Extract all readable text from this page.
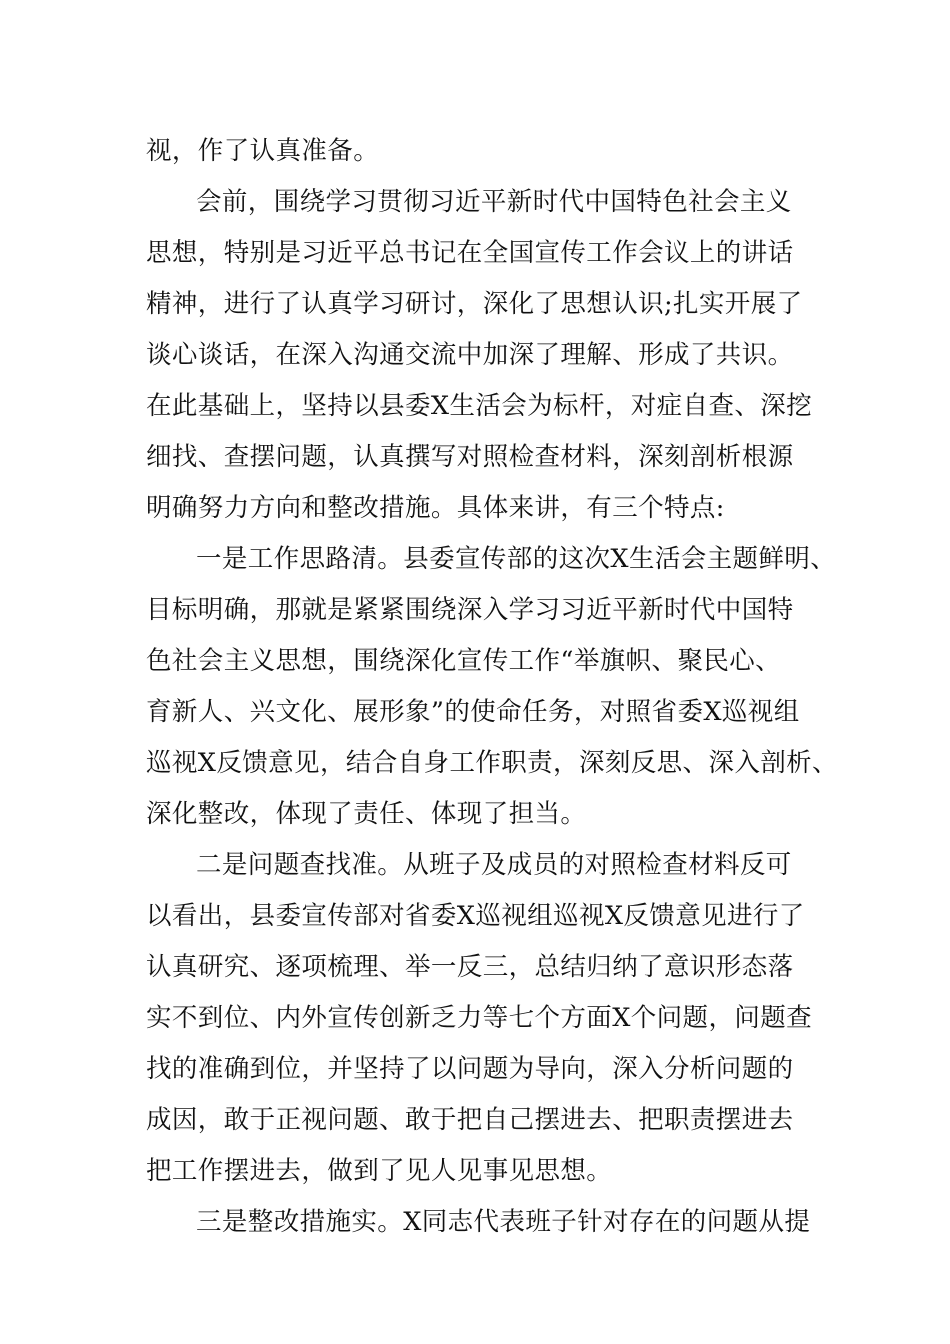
视，作了认真准备。
会前，围绕学习贯彻习近平新时代中国特色社会主义
思想，特别是习近平总书记在全国宣传工作会议上的讲话
精神，进行了认真学习研讨，深化了思想认识;扎实开展了
谈心谈话，在深入沟通交流中加深了理解、形成了共识。
在此基础上，坚持以县委X生活会为标杆，对症自查、深挖
细找、查摆问题，认真撰写对照检查材料，深刻剖析根源
明确努力方向和整改措施。具体来讲，有三个特点:
一是工作思路清。县委宣传部的这次X生活会主题鲜明、
目标明确，那就是紧紧围绕深入学习习近平新时代中国特
色社会主义思想，围绕深化宣传工作“举旗帜、聚民心、
育新人、兴文化、展形象”的使命任务，对照省委X巡视组
巡视X反馈意见，结合自身工作职责，深刻反思、深入剖析、
深化整改，体现了责任、体现了担当。
二是问题查找准。从班子及成员的对照检查材料反可
以看出，县委宣传部对省委X巡视组巡视X反馈意见进行了
认真研究、逐项梳理、举一反三，总结归纳了意识形态落
实不到位、内外宣传创新乏力等七个方面X个问题，问题查
找的准确到位，并坚持了以问题为导向，深入分析问题的
成因，敢于正视问题、敢于把自己摆进去、把职责摆进去
把工作摆进去，做到了见人见事见思想。
三是整改措施实。X同志代表班子针对存在的问题从提
